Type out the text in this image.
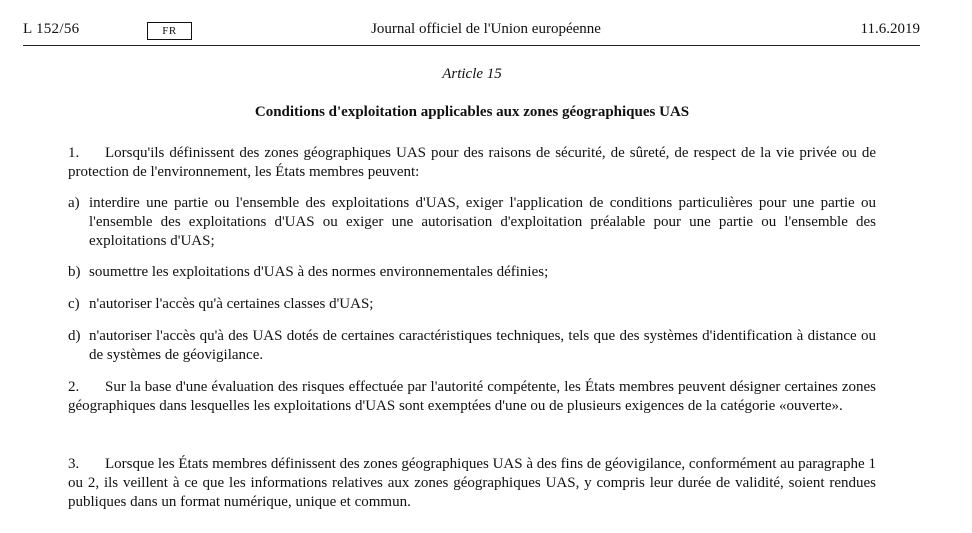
L 152/56	FR	Journal officiel de l'Union européenne	11.6.2019
Article 15
Conditions d'exploitation applicables aux zones géographiques UAS
1. Lorsqu'ils définissent des zones géographiques UAS pour des raisons de sécurité, de sûreté, de respect de la vie privée ou de protection de l'environnement, les États membres peuvent:
a) interdire une partie ou l'ensemble des exploitations d'UAS, exiger l'application de conditions particulières pour une partie ou l'ensemble des exploitations d'UAS ou exiger une autorisation d'exploitation préalable pour une partie ou l'ensemble des exploitations d'UAS;
b) soumettre les exploitations d'UAS à des normes environnementales définies;
c) n'autoriser l'accès qu'à certaines classes d'UAS;
d) n'autoriser l'accès qu'à des UAS dotés de certaines caractéristiques techniques, tels que des systèmes d'identification à distance ou de systèmes de géovigilance.
2. Sur la base d'une évaluation des risques effectuée par l'autorité compétente, les États membres peuvent désigner certaines zones géographiques dans lesquelles les exploitations d'UAS sont exemptées d'une ou de plusieurs exigences de la catégorie «ouverte».
3. Lorsque les États membres définissent des zones géographiques UAS à des fins de géovigilance, conformément au paragraphe 1 ou 2, ils veillent à ce que les informations relatives aux zones géographiques UAS, y compris leur durée de validité, soient rendues publiques dans un format numérique, unique et commun.
